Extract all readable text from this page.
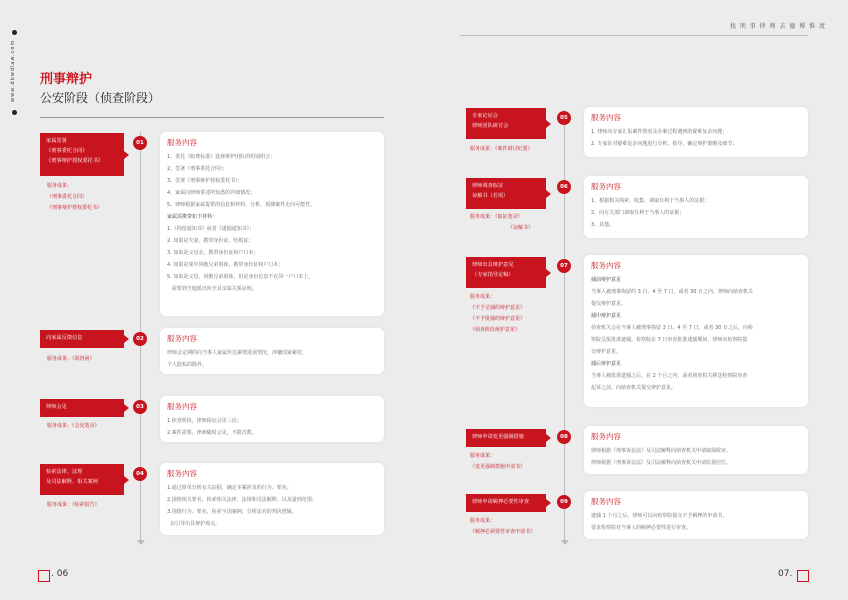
www.dbwdlaw.com
找 刑 事 律 师 去 德 博 惟 度
刑事辩护
公安阶段（侦查阶段）
家属签署
《刑事委托合同》
《刑事辩护授权委托书》
服务成果：
《刑事委托合同》
《刑事辩护授权委托书》
01	服务内容
1、委托《收费标准》选择辩护团队的组别组合；
2、签署《刑事委托合同》；
3、签署《刑事辩护授权委托书》；
4、家属向律师讲述所知悉的详细情况；
5、律师根据家属提供的信息和材料，分析、预测案件走向可能性。
家属需携带如下材料：
1.《拘留通知书》或者《逮捕通知书》；
2. 如果是夫妻，携带身份证、结婚证；
3. 如果是父母亲，携带身份证和户口本；
4. 如果是成年同胞兄弟姐妹，携带身份证和户口本；
5. 如果是父母、同胞兄弟姐妹，但是身份信息不在同一户口本上，
需要到当地派出所开具亲属关系证明。
向家属反馈信息
服务成果：《联络函》
02	服务内容
律师会定期的向当事人家属传达案情进展情况，涉嫌国家秘密，
个人隐私的除外。
律师会见
服务成果：《会见笔录》
03	服务内容
1.侦查阶段，律师保证会见三次；
2.案件需要，律师随时会见，不限次数。
检索法律、法规
及司法解释、相关案例
服务成果：《检索报告》
04	服务内容
1.通过简单分析有关证据，确定本案涉及的行为、罪名；
2.围绕相关罪名，检索相关法律、法规和司法解释，以及量刑范围；
3.围绕行为、罪名，检索全国案例，分析法官的判决逻辑，
以引导出具辩护观点。
专家论证会
律师团队研讨会
服务成果：《案件研讨纪要》
05	服务内容
1. 律师向专家汇报案件情况及办案过程遇到的疑难复杂问题；
2. 专家针对疑难复杂问题进行分析、指导，确定辩护策略及细节；
律师调查取证
谅解书（若需）
服务成果：《取证笔录》
《谅解书》
06	服务内容
1、根据相关线索，收集、调取有利于当事人的证据；
2、向有关部门调取有利于当事人的证据；
3、其他。
律师出具辩护意见
（专家指导定稿）
服务成果：
《不予呈捕的辩护意见》
《不予批捕的辩护意见》
《侦查阶段辩护意见》
07	服务内容
捕前辩护意见
当事人被刑事拘留的 3 日、4 至 7 日，或者 30 日之内，律师向侦查机关
提交辩护意见。
捕中辩护意见
侦查机关会在当事人被刑事拘留 3 日、4 至 7 日，或者 30 日之后，向检
察院呈报批准逮捕。检察院在 7 日审查批准逮捕期间，律师向检察院提
交辩护意见。
捕后辩护意见
当事人被批准逮捕之后，在 2 个月之内，或者侦查机关移送检察院审查
起诉之前，向侦查机关提交辩护意见。
律师申请变更强制措施
服务成果：
《变更强制措施申请书》
08	服务内容
律师根据《刑事诉讼法》及司法解释向侦查机关申请取保候审。
律师根据《刑事诉讼法》及司法解释向侦查机关申请监视居住。
律师申请羁押必要性审查
服务成果：
《羁押必须要性审查申请书》
09	服务内容
逮捕 1 个月之后，律师可以向检察院提交不予羁押的申请书，
要求检察院对当事人的羁押必要性进行审查。
. 06	07.
